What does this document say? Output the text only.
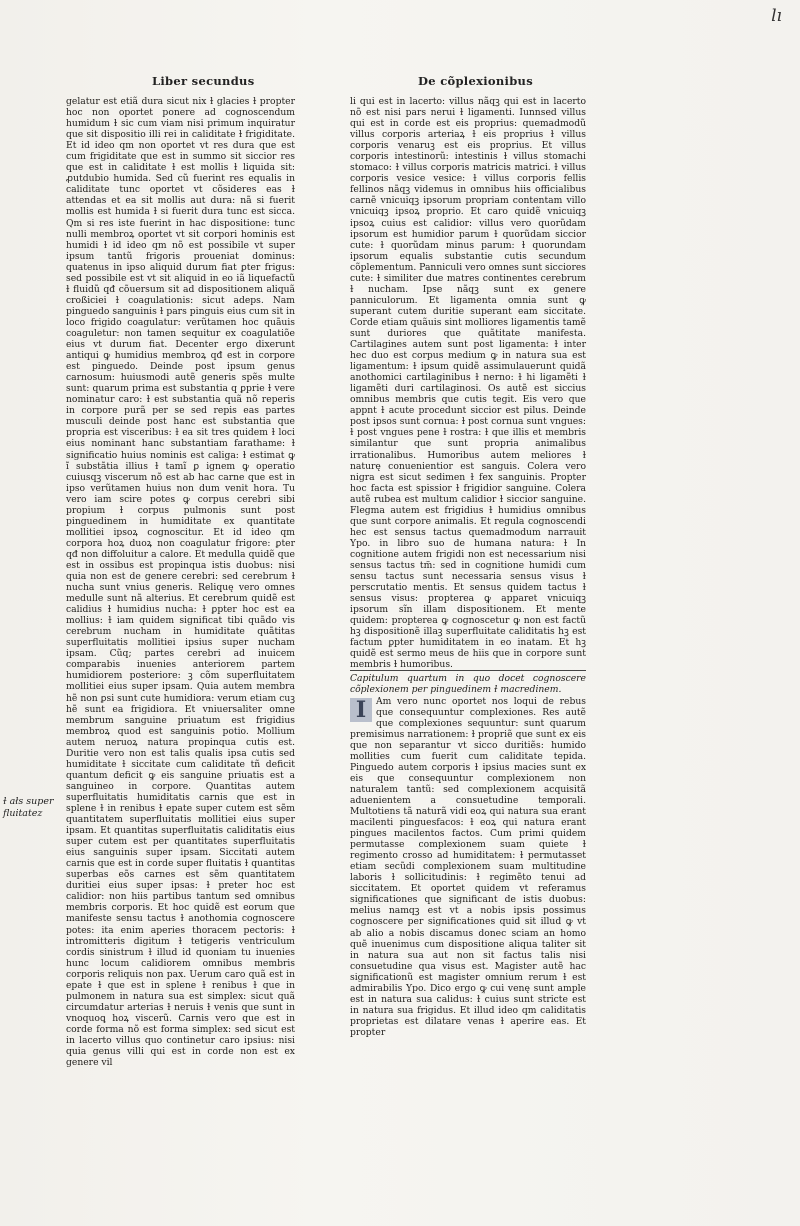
lı
Liber secundus	De cõplexionibus
ɫ ałs super fluitatez

gelatur est etiã dura sicut nix ɫ glacies ɫ propter hoc non oportet ponere ad cognoscendum humidum ɫ sic cum viam nisi primum inquiratur que sit dispositio illi rei in caliditate ɫ frigiditate. Et id ideo qm non oportet vt res dura que est cum frigiditate que est in summo sit siccior res que est in caliditate ɫ est mollis ɫ liquida sit: ꝓutdubio humida. Sed cũ fuerint res equalis in caliditate tunc oportet vt cõsideres eas ɫ attendas et ea sit mollis aut dura: nã si fuerit mollis est humida ɫ si fuerit dura tunc est sicca. Qm si res iste fuerint in hac dispositione: tunc nulli membroꝝ oportet vt sit corpori hominis est humidi ɫ id ideo qm nõ est possibile vt super ipsum tantũ frigoris proueniat dominus: quatenus in ipso aliquid durum fiat ꝑter frigus: sed possibile est vt sit aliquid in eo iã liquefactũ ɫ fluidũ qđ cõuersum sit ad dispositionem aliquã croßiciei ɫ coagulationis: sicut adeps. Nam pinguedo sanguinis ɫ pars pinguis eius cum sit in loco frigido coagulatur: verũtamen hoc quãuis coaguletur: non tamen sequitur ex coagulatiõe eius vt durum fiat. Decenter ergo dixerunt antiqui ꝙ humidius membroꝝ qđ est in corpore est pinguedo. Deinde post ipsum genus carnosum: huiusmodi autẽ generis spẽs multe sunt: quarum prima est substantia q ꝑprie ɫ vere nominatur caro: ɫ est substantia quã nõ reperis in corpore purã per se sed repis eas partes musculi deinde post hanc est substantia que propria est visceribus: ɫ ea sit tres quidem ɫ loci eius nominant hanc substantiam farathame: ɫ significatio huius nominis est caliga: ɫ estimat ꝙ ĩ substãtia illius ɫ tamĩ ꝑ ignem ꝙ operatio cuiusqꝫ viscerum nõ est ab hac carne que est in ipso verũtamen huius non dum venit hora. Tu vero iam scire potes ꝙ corpus cerebri sibi propium ɫ corpus pulmonis sunt post pinguedinem in humiditate ex quantitate mollitiei ipsoꝝ cognoscitur. Et id ideo qm corpora hoꝝ duoꝝ non coagulatur frigore: ꝑter qđ non diffoluitur a calore. Et medulla quidẽ que est in ossibus est propinqua istis duobus: nisi quia non est de genere cerebri: sed cerebrum ɫ nucha sunt vnius generis. Reliquę vero omnes medulle sunt nã alterius. Et cerebrum quidẽ est calidius ɫ humidius nucha: ɫ ꝑpter hoc est ea mollius: ɫ iam quidem significat tibi quãdo vis cerebrum nucham in humiditate quãtitas superfluitatis mollitiei ipsius super nucham ipsam. Cũq; partes cerebri ad inuicem comparabis inuenies anteriorem partem humidiorem posteriore: ꝫ cõm superfluitatem mollitiei eius super ipsam. Quia autem membra hẽ non ꝑsi sunt cute humidiora: verum etiam cuꝫ hẽ sunt ea frigidiora. Et vniuersaliter omne membrum sanguine priuatum est frigidius membroꝝ quod est sanguinis potio. Mollium autem neruoꝝ natura propinqua cutis est. Duritie vero non est talis qualis ipsa cutis sed humiditate ɫ siccitate cum caliditate tñ deficit quantum deficit ꝙ eis sanguine priuatis est a sanguineo in corpore. Quantitas autem superfluitatis humiditatis carnis que est in splene ɫ in renibus ɫ epate super cutem est sẽm quantitatem superfluitatis mollitiei eius super ipsam. Et quantitas superfluitatis caliditatis eius super cutem est per quantitates superfluitatis eius sanguinis super ipsam. Siccitati autem carnis que est in corde super fluitatis ɫ quantitas superbas eõs carnes est sẽm quantitatem duritiei eius super ipsas: ɫ preter hoc est calidior: non hiis partibus tantum sed omnibus membris corporis. Et hoc quidẽ est eorum que manifeste sensu tactus ɫ anothomia cognoscere potes: ita enim aperies thoracem pectoris: ɫ intromitteris digitum ɫ tetigeris ventriculum cordis sinistrum ɫ illud id quoniam tu inuenies hunc locum calidiorem omnibus membris corporis reliquis non pax. Uerum caro quã est in epate ɫ que est in splene ɫ renibus ɫ que in pulmonem in natura sua est simplex: sicut quã circumdatur arterias ɫ neruis ɫ venis que sunt in vnoquoꝗ hoꝝ viscerũ. Carnis vero que est in corde forma nõ est forma simplex: sed sicut est in lacerto villus quo continetur caro ipsius: nisi quia genus villi qui est in corde non est ex genere vil

li qui est in lacerto: villus nãqꝫ qui est in lacerto nõ est nisi pars nerui ɫ ligamenti. Iunnsed villus qui est in corde est eis proprius: quemadmodũ villus corporis arteriaꝝ ɫ eis proprius ɫ villus corporis venaruꝫ est eis proprius. Et villus corporis intestinorũ: intestinis ɫ villus stomachi stomaco: ɫ villus corporis matricis matrici. ɫ villus corporis vesice vesice: ɫ villus corporis fellis fellinos nãqꝫ videmus in omnibus hiis officialibus carnẽ vnicuiqꝫ ipsorum propriam contentam villo vnicuiqꝫ ipsoꝝ proprio. Et caro quidẽ vnicuiqꝫ ipsoꝝ cuius est calidior: villus vero quorũdam ipsorum est humidior parum ɫ quorũdam siccior cute: ɫ quorũdam minus parum: ɫ quorundam ipsorum equalis substantie cutis secundum cõplementum. Panniculi vero omnes sunt sicciores cute: ɫ similiter due matres continentes cerebrum ɫ nucham. Ipse nãqꝫ sunt ex genere panniculorum. Et ligamenta omnia sunt ꝙ superant cutem duritie superant eam siccitate. Corde etiam quãuis sint molliores ligamentis tamẽ sunt duriores que quãtitate manifesta. Cartilagines autem sunt post ligamenta: ɫ inter hec duo est corpus medium ꝙ in natura sua est ligamentum: ɫ ipsum quidẽ assimulauerunt quidã anothomici cartilaginibus ɫ nerno: ɫ hi ligamẽti ɫ ligamẽti duri cartilaginosi. Os autẽ est siccius omnibus membris que cutis tegit. Eis vero que appnt ɫ acute procedunt siccior est pilus. Deinde post ipsos sunt cornua: ɫ post cornua sunt vngues: ɫ post vngues pene ɫ rostra: ɫ que illis et membris similantur que sunt propria animalibus irrationalibus. Humoribus autem meliores ɫ naturę conuenientior est sanguis. Colera vero nigra est sicut sedimen ɫ fex sanguinis. Propter hoc facta est spissior ɫ frigidior sanguine. Colera autẽ rubea est multum calidior ɫ siccior sanguine. Flegma autem est frigidius ɫ humidius omnibus que sunt corpore animalis. Et regula cognoscendi hec est sensus tactus quemadmodum narrauit Ypo. in libro suo de humana natura: ɫ In cognitione autem frigidi non est necessarium nisi sensus tactus tm̃: sed in cognitione humidi cum sensu tactus sunt necessaria sensus visus ɫ perscrutatio mentis. Et sensus quidem tactus ɫ sensus visus: propterea ꝙ apparet vnicuiqꝫ ipsorum sĩn illam dispositionem. Et mente quidem: propterea ꝙ cognoscetur ꝙ non est factũ hꝫ dispositionẽ illaꝫ superfluitate caliditatis hꝫ est factum ꝑpter humiditatem in eo inatam. Et hꝫ quidẽ est sermo meus de hiis que in corpore sunt membris ɫ humoribus.

Capitulum quartum in quo docet cognoscere cõplexionem per pinguedinem ɫ macredinem.

I	Am vero nunc oportet nos loqui de rebus que consequuntur complexiones. Res autẽ que complexiones sequuntur: sunt quarum premisimus narrationem: ɫ propriẽ que sunt ex eis que non separantur vt sicco duritiẽs: humido mollities cum fuerit cum caliditate tepida. Pinguedo autem corporis ɫ ipsius macies sunt ex eis que consequuntur complexionem non naturalem tantũ: sed complexionem acquisitã aduenientem a consuetudine temporali. Multotiens tã naturã vidi eoꝝ qui natura sua erant macilenti pinguesfacos: ɫ eoꝝ qui natura erant pingues macilentos factos. Cum primi quidem permutasse complexionem suam quiete ɫ regimento crosso ad humiditatem: ɫ permutasset etiam secũdi complexionem suam multitudine laboris ɫ sollicitudinis: ɫ regimẽto tenui ad siccitatem. Et oportet quidem vt referamus significationes que significant de istis duobus: melius namqꝫ est vt a nobis ipsis possimus cognoscere per significationes quid sit illud ꝙ vt ab alio a nobis discamus donec sciam an homo quẽ inuenimus cum dispositione aliqua taliter sit in natura sua aut non sit factus talis nisi consuetudine qua visus est. Magister autẽ hac significationũ est magister omnium rerum ɫ est admirabilis Ypo. Dico ergo ꝙ cui venę sunt ample est in natura sua calidus: ɫ cuius sunt stricte est in natura sua frigidus. Et illud ideo qm caliditatis proprietas est dilatare venas ɫ aperire eas. Et propter
